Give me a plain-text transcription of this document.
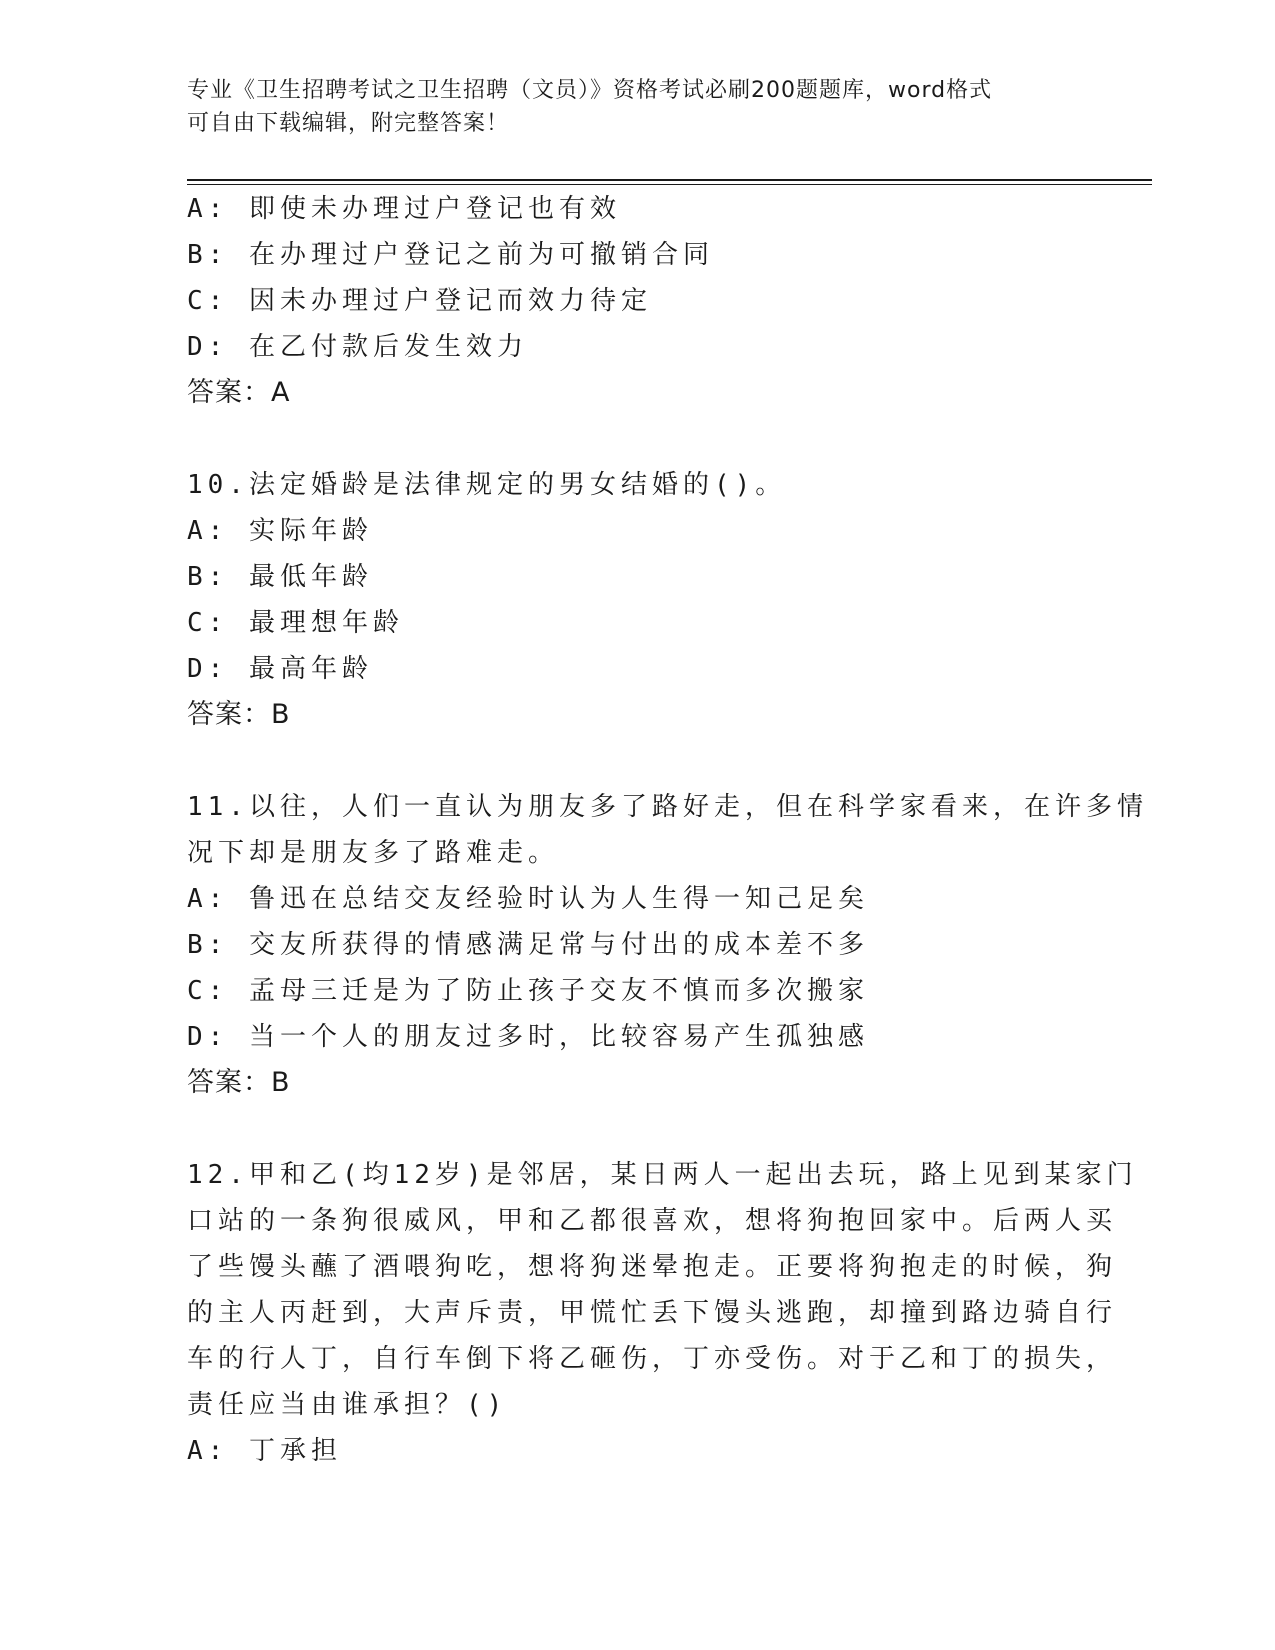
专业《卫生招聘考试之卫生招聘（文员）》资格考试必刷200题题库，word格式
可自由下载编辑，附完整答案！
A: 即使未办理过户登记也有效
B: 在办理过户登记之前为可撤销合同
C: 因未办理过户登记而效力待定
D: 在乙付款后发生效力
答案：A
10.法定婚龄是法律规定的男女结婚的()。
A: 实际年龄
B: 最低年龄
C: 最理想年龄
D: 最高年龄
答案：B
11.以往，人们一直认为朋友多了路好走，但在科学家看来，在许多情
况下却是朋友多了路难走。
A: 鲁迅在总结交友经验时认为人生得一知己足矣
B: 交友所获得的情感满足常与付出的成本差不多
C: 孟母三迁是为了防止孩子交友不慎而多次搬家
D: 当一个人的朋友过多时，比较容易产生孤独感
答案：B
12.甲和乙(均12岁)是邻居，某日两人一起出去玩，路上见到某家门
口站的一条狗很威风，甲和乙都很喜欢，想将狗抱回家中。后两人买
了些馒头蘸了酒喂狗吃，想将狗迷晕抱走。正要将狗抱走的时候，狗
的主人丙赶到，大声斥责，甲慌忙丢下馒头逃跑，却撞到路边骑自行
车的行人丁，自行车倒下将乙砸伤，丁亦受伤。对于乙和丁的损失，
责任应当由谁承担？()
A: 丁承担
